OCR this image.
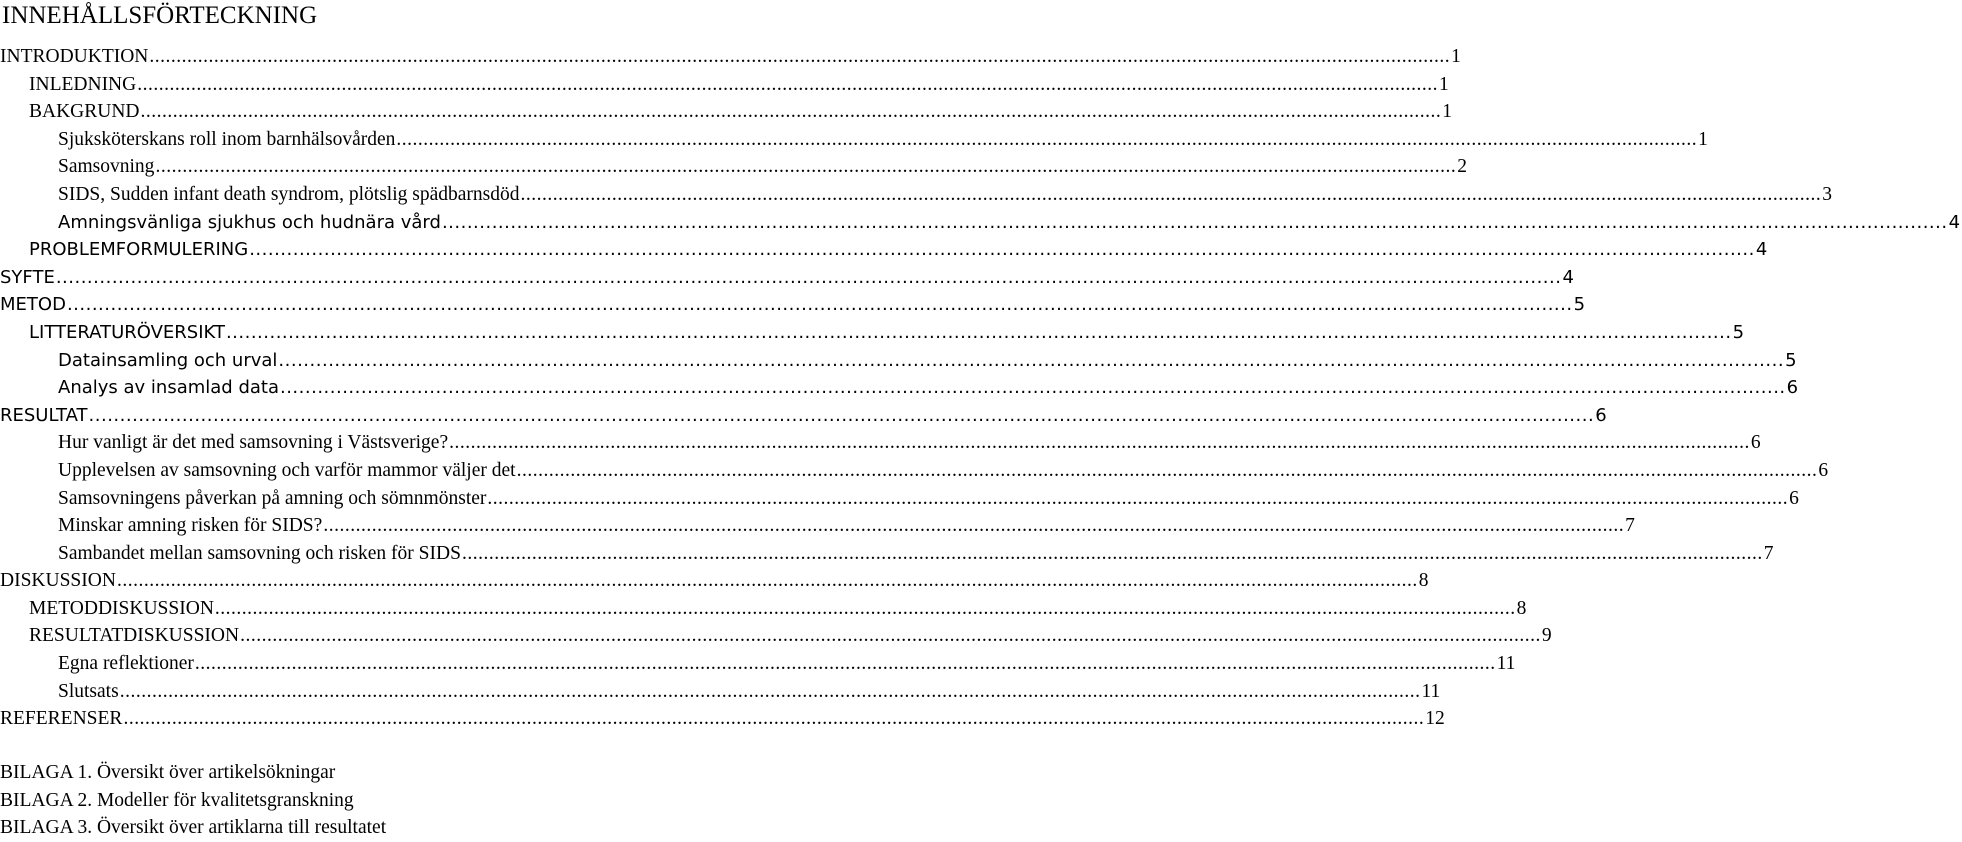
INNEHÅLLSFÖRTECKNING
INTRODUKTION .................................................................................................................................................................................................................................................. 1
INLEDNING .................................................................................................................................................................................................................................................. 1
BAKGRUND .................................................................................................................................................................................................................................................. 1
Sjuksköterskans roll inom barnhälsovården .................................................................................................................................................................................................................................................. 1
Samsovning .................................................................................................................................................................................................................................................. 2
SIDS, Sudden infant death syndrom, plötslig spädbarnsdöd .................................................................................................................................................................................................................................................. 3
Amningsvänliga sjukhus och hudnära vård .................................................................................................................................................................................................................................................. 4
PROBLEMFORMULERING .................................................................................................................................................................................................................................................. 4
SYFTE .................................................................................................................................................................................................................................................. 4
METOD .................................................................................................................................................................................................................................................. 5
LITTERATURÖVERSIKT .................................................................................................................................................................................................................................................. 5
Datainsamling och urval .................................................................................................................................................................................................................................................. 5
Analys av insamlad data .................................................................................................................................................................................................................................................. 6
RESULTAT .................................................................................................................................................................................................................................................. 6
Hur vanligt är det med samsovning i Västsverige? .................................................................................................................................................................................................................................................. 6
Upplevelsen av samsovning och varför mammor väljer det .................................................................................................................................................................................................................................................. 6
Samsovningens påverkan på amning och sömnmönster .................................................................................................................................................................................................................................................. 6
Minskar amning risken för SIDS? .................................................................................................................................................................................................................................................. 7
Sambandet mellan samsovning och risken för SIDS .................................................................................................................................................................................................................................................. 7
DISKUSSION .................................................................................................................................................................................................................................................. 8
METODDISKUSSION .................................................................................................................................................................................................................................................. 8
RESULTATDISKUSSION .................................................................................................................................................................................................................................................. 9
Egna reflektioner .................................................................................................................................................................................................................................................. 11
Slutsats .................................................................................................................................................................................................................................................. 11
REFERENSER .................................................................................................................................................................................................................................................. 12
BILAGA 1. Översikt över artikelsökningar
BILAGA 2. Modeller för kvalitetsgranskning
BILAGA 3. Översikt över artiklarna till resultatet
